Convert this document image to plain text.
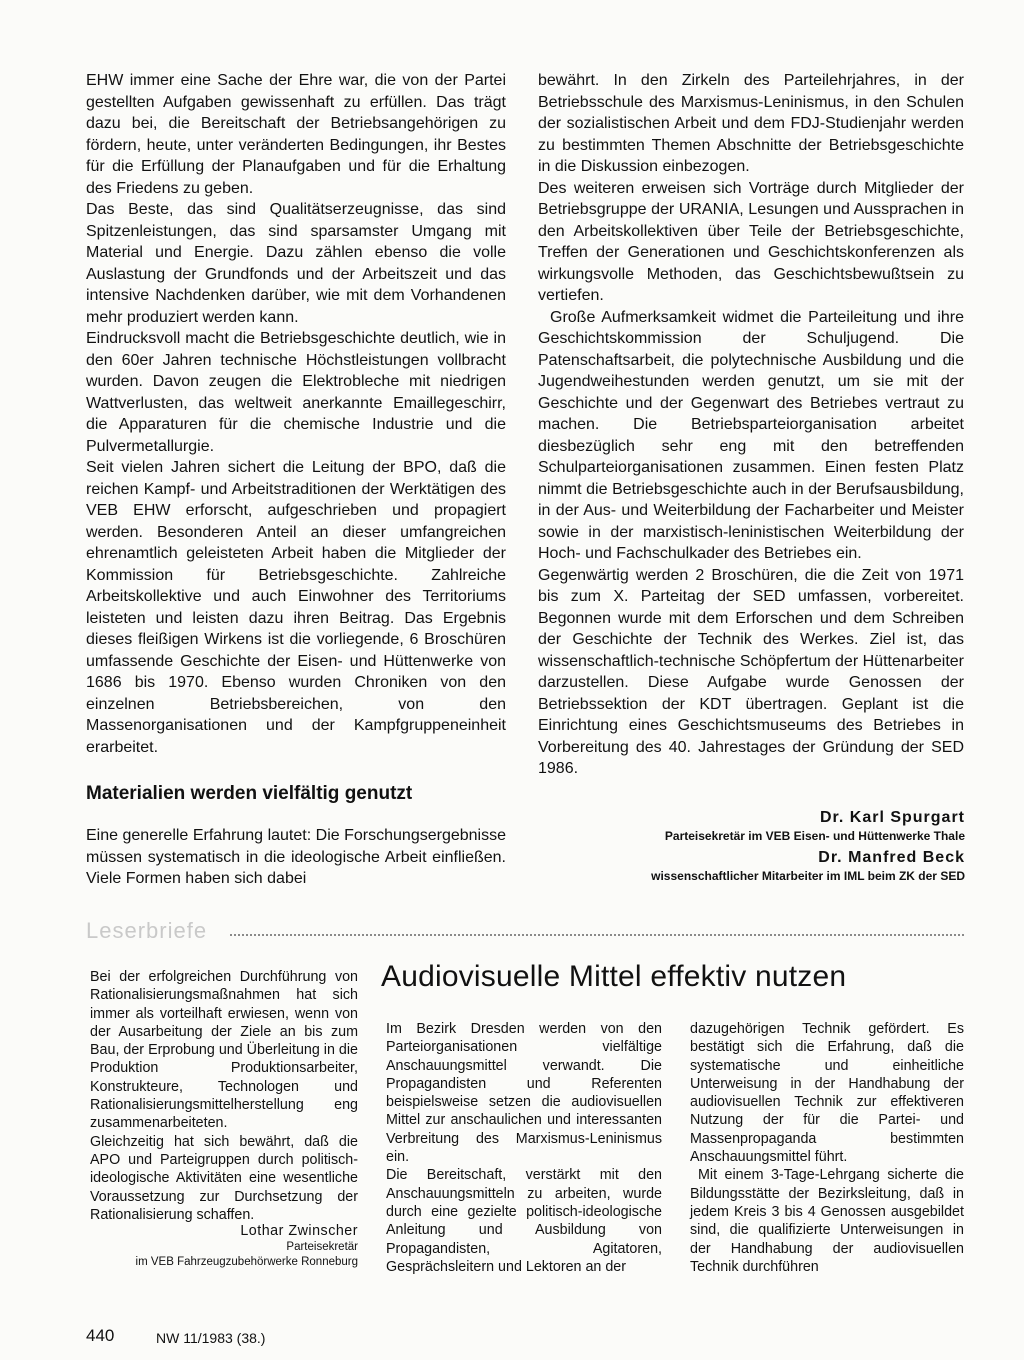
EHW immer eine Sache der Ehre war, die von der Partei gestellten Aufgaben gewissenhaft zu erfüllen. Das trägt dazu bei, die Bereitschaft der Betriebsangehörigen zu fördern, heute, unter veränderten Bedingungen, ihr Bestes für die Erfüllung der Planaufgaben und für die Erhaltung des Friedens zu geben.

Das Beste, das sind Qualitätserzeugnisse, das sind Spitzenleistungen, das sind sparsamster Umgang mit Material und Energie. Dazu zählen ebenso die volle Auslastung der Grundfonds und der Arbeitszeit und das intensive Nachdenken darüber, wie mit dem Vorhandenen mehr produziert werden kann.

Eindrucksvoll macht die Betriebsgeschichte deutlich, wie in den 60er Jahren technische Höchstleistungen vollbracht wurden. Davon zeugen die Elektrobleche mit niedrigen Wattverlusten, das weltweit anerkannte Emaillegeschirr, die Apparaturen für die chemische Industrie und die Pulvermetallurgie.

Seit vielen Jahren sichert die Leitung der BPO, daß die reichen Kampf- und Arbeitstraditionen der Werktätigen des VEB EHW erforscht, aufgeschrieben und propagiert werden. Besonderen Anteil an dieser umfangreichen ehrenamtlich geleisteten Arbeit haben die Mitglieder der Kommission für Betriebsgeschichte. Zahlreiche Arbeitskollektive und auch Einwohner des Territoriums leisteten und leisten dazu ihren Beitrag. Das Ergebnis dieses fleißigen Wirkens ist die vorliegende, 6 Broschüren umfassende Geschichte der Eisen- und Hüttenwerke von 1686 bis 1970. Ebenso wurden Chroniken von den einzelnen Betriebsbereichen, von den Massenorganisationen und der Kampfgruppeneinheit erarbeitet.

Materialien werden vielfältig genutzt

Eine generelle Erfahrung lautet: Die Forschungsergebnisse müssen systematisch in die ideologische Arbeit einfließen. Viele Formen haben sich dabei

bewährt. In den Zirkeln des Parteilehrjahres, in der Betriebsschule des Marxismus-Leninismus, in den Schulen der sozialistischen Arbeit und dem FDJ-Studienjahr werden zu bestimmten Themen Abschnitte der Betriebsgeschichte in die Diskussion einbezogen.

Des weiteren erweisen sich Vorträge durch Mitglieder der Betriebsgruppe der URANIA, Lesungen und Aussprachen in den Arbeitskollektiven über Teile der Betriebsgeschichte, Treffen der Generationen und Geschichtskonferenzen als wirkungsvolle Methoden, das Geschichtsbewußtsein zu vertiefen.

Große Aufmerksamkeit widmet die Parteileitung und ihre Geschichtskommission der Schuljugend. Die Patenschaftsarbeit, die polytechnische Ausbildung und die Jugendweihestunden werden genutzt, um sie mit der Geschichte und der Gegenwart des Betriebes vertraut zu machen. Die Betriebsparteiorganisation arbeitet diesbezüglich sehr eng mit den betreffenden Schulparteiorganisationen zusammen. Einen festen Platz nimmt die Betriebsgeschichte auch in der Berufsausbildung, in der Aus- und Weiterbildung der Facharbeiter und Meister sowie in der marxistisch-leninistischen Weiterbildung der Hoch- und Fachschulkader des Betriebes ein.

Gegenwärtig werden 2 Broschüren, die die Zeit von 1971 bis zum X. Parteitag der SED umfassen, vorbereitet. Begonnen wurde mit dem Erforschen und dem Schreiben der Geschichte der Technik des Werkes. Ziel ist, das wissenschaftlich-technische Schöpfertum der Hüttenarbeiter darzustellen. Diese Aufgabe wurde Genossen der Betriebssektion der KDT übertragen. Geplant ist die Einrichtung eines Geschichtsmuseums des Betriebes in Vorbereitung des 40. Jahrestages der Gründung der SED 1986.

Dr. Karl Spurgart
Parteisekretär im VEB Eisen- und Hüttenwerke Thale
Dr. Manfred Beck
wissenschaftlicher Mitarbeiter im IML beim ZK der SED
Leserbriefe

Bei der erfolgreichen Durchführung von Rationalisierungsmaßnahmen hat sich immer als vorteilhaft erwiesen, wenn von der Ausarbeitung der Ziele an bis zum Bau, der Erprobung und Überleitung in die Produktion Produktionsarbeiter, Konstrukteure, Technologen und Rationalisierungsmittelherstellung eng zusammenarbeiteten.

Gleichzeitig hat sich bewährt, daß die APO und Parteigruppen durch politisch-ideologische Aktivitäten eine wesentliche Voraussetzung zur Durchsetzung der Rationalisierung schaffen.

Lothar Zwinscher
Parteisekretär
im VEB Fahrzeugzubehörwerke Ronneburg
Audiovisuelle Mittel effektiv nutzen

Im Bezirk Dresden werden von den Parteiorganisationen vielfältige Anschauungsmittel verwandt. Die Propagandisten und Referenten beispielsweise setzen die audiovisuellen Mittel zur anschaulichen und interessanten Verbreitung des Marxismus-Leninismus ein.

Die Bereitschaft, verstärkt mit den Anschauungsmitteln zu arbeiten, wurde durch eine gezielte politisch-ideologische Anleitung und Ausbildung von Propagandisten, Agitatoren, Gesprächsleitern und Lektoren an der

dazugehörigen Technik gefördert. Es bestätigt sich die Erfahrung, daß die systematische und einheitliche Unterweisung in der Handhabung der audiovisuellen Technik zur effektiveren Nutzung der für die Partei- und Massenpropaganda bestimmten Anschauungsmittel führt.

Mit einem 3-Tage-Lehrgang sicherte die Bildungsstätte der Bezirksleitung, daß in jedem Kreis 3 bis 4 Genossen ausgebildet sind, die qualifizierte Unterweisungen in der Handhabung der audiovisuellen Technik durchführen

440	NW 11/1983 (38.)
